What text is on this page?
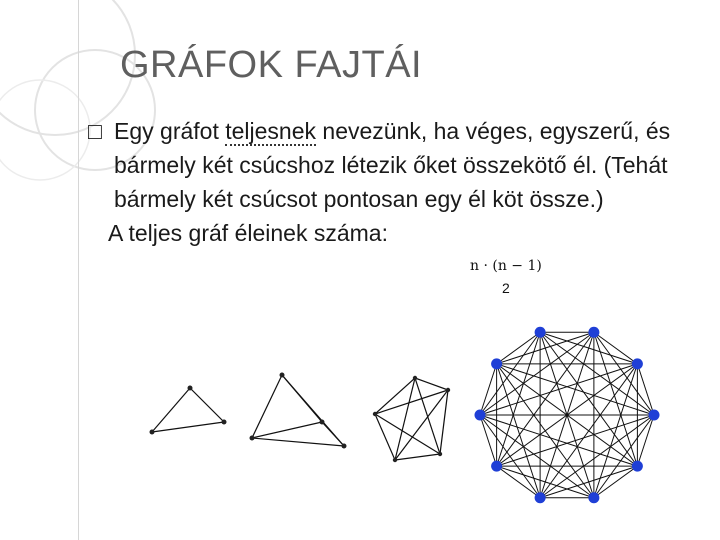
GRÁFOK FAJTÁI
□ Egy gráfot teljesnek nevezünk, ha véges, egyszerű, és bármely két csúcshoz létezik őket összekötő él. (Tehát bármely két csúcsot pontosan egy él köt össze.)
A teljes gráf éleinek száma:
n · (n − 1)
2
